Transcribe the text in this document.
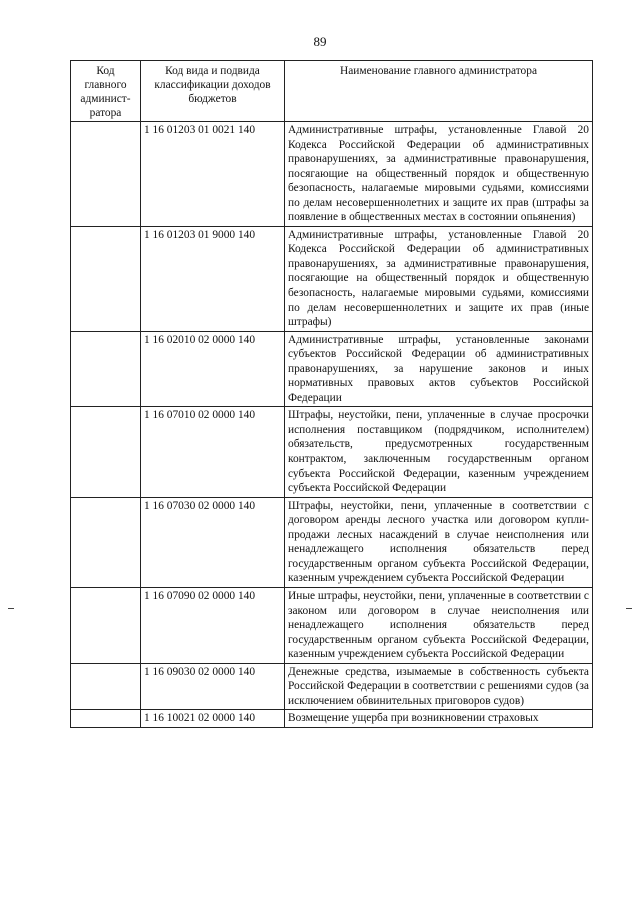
89
Код главного админист-ратора	Код вида и подвида классификации доходов бюджетов	Наименование главного администратора
	1 16 01203 01 0021 140	Административные штрафы, установленные Главой 20 Кодекса Российской Федерации об административных правонарушениях, за административные правонарушения, посягающие на общественный порядок и общественную безопасность, налагаемые мировыми судьями, комиссиями по делам несовершеннолетних и защите их прав (штрафы за появление в общественных местах в состоянии опьянения)
	1 16 01203 01 9000 140	Административные штрафы, установленные Главой 20 Кодекса Российской Федерации об административных правонарушениях, за административные правонарушения, посягающие на общественный порядок и общественную безопасность, налагаемые мировыми судьями, комиссиями по делам несовершеннолетних и защите их прав (иные штрафы)
	1 16 02010 02 0000 140	Административные штрафы, установленные законами субъектов Российской Федерации об административных правонарушениях, за нарушение законов и иных нормативных правовых актов субъектов Российской Федерации
	1 16 07010 02 0000 140	Штрафы, неустойки, пени, уплаченные в случае просрочки исполнения поставщиком (подрядчиком, исполнителем) обязательств, предусмотренных государственным контрактом, заключенным государственным органом субъекта Российской Федерации, казенным учреждением субъекта Российской Федерации
	1 16 07030 02 0000 140	Штрафы, неустойки, пени, уплаченные в соответствии с договором аренды лесного участка или договором купли-продажи лесных насаждений в случае неисполнения или ненадлежащего исполнения обязательств перед государственным органом субъекта Российской Федерации, казенным учреждением субъекта Российской Федерации
	1 16 07090 02 0000 140	Иные штрафы, неустойки, пени, уплаченные в соответствии с законом или договором в случае неисполнения или ненадлежащего исполнения обязательств перед государственным органом субъекта Российской Федерации, казенным учреждением субъекта Российской Федерации
	1 16 09030 02 0000 140	Денежные средства, изымаемые в собственность субъекта Российской Федерации в соответствии с решениями судов (за исключением обвинительных приговоров судов)
	1 16 10021 02 0000 140	Возмещение ущерба при возникновении страховых
